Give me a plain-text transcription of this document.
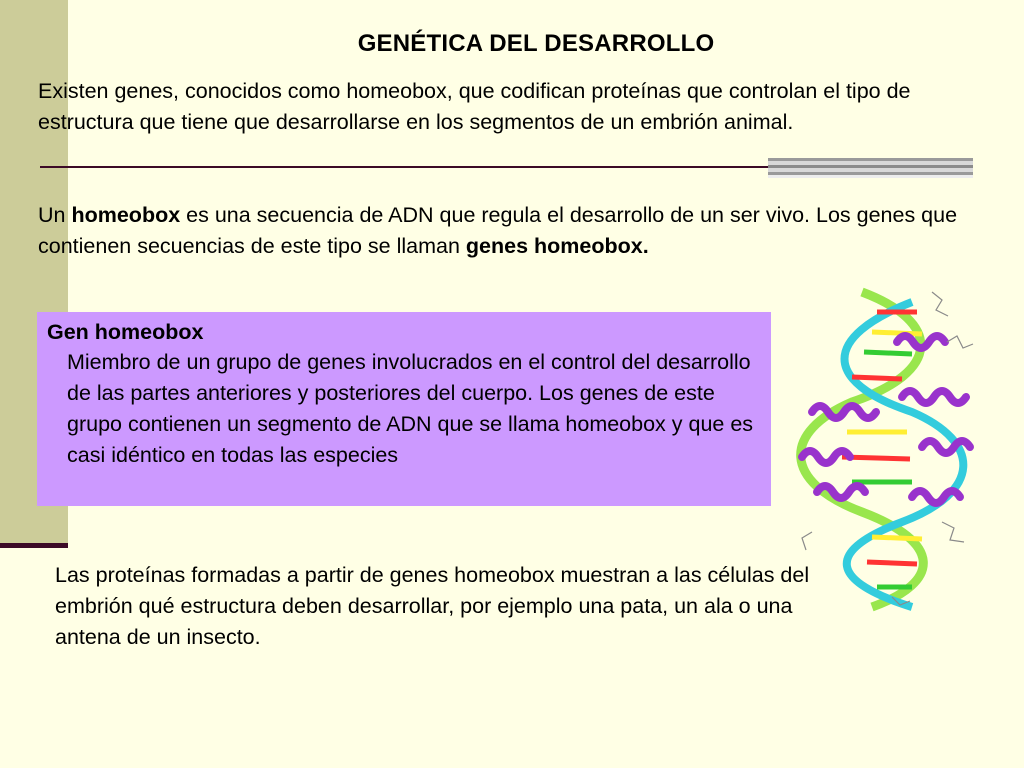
GENÉTICA DEL DESARROLLO
Existen genes, conocidos como homeobox, que codifican proteínas que controlan el tipo de estructura que tiene que desarrollarse en los segmentos de un embrión animal.
Un homeobox es una secuencia de ADN que regula el desarrollo de un ser vivo. Los genes que contienen secuencias de este tipo se llaman genes homeobox.
Gen homeobox
Miembro de un grupo de genes involucrados en el control del desarrollo de las partes anteriores y posteriores del cuerpo. Los genes de este grupo contienen un segmento de ADN que se llama homeobox y que es casi idéntico en todas las especies
Las proteínas formadas a partir de genes homeobox muestran a las células del embrión qué estructura deben desarrollar, por ejemplo una pata, un ala o una antena de un insecto.
